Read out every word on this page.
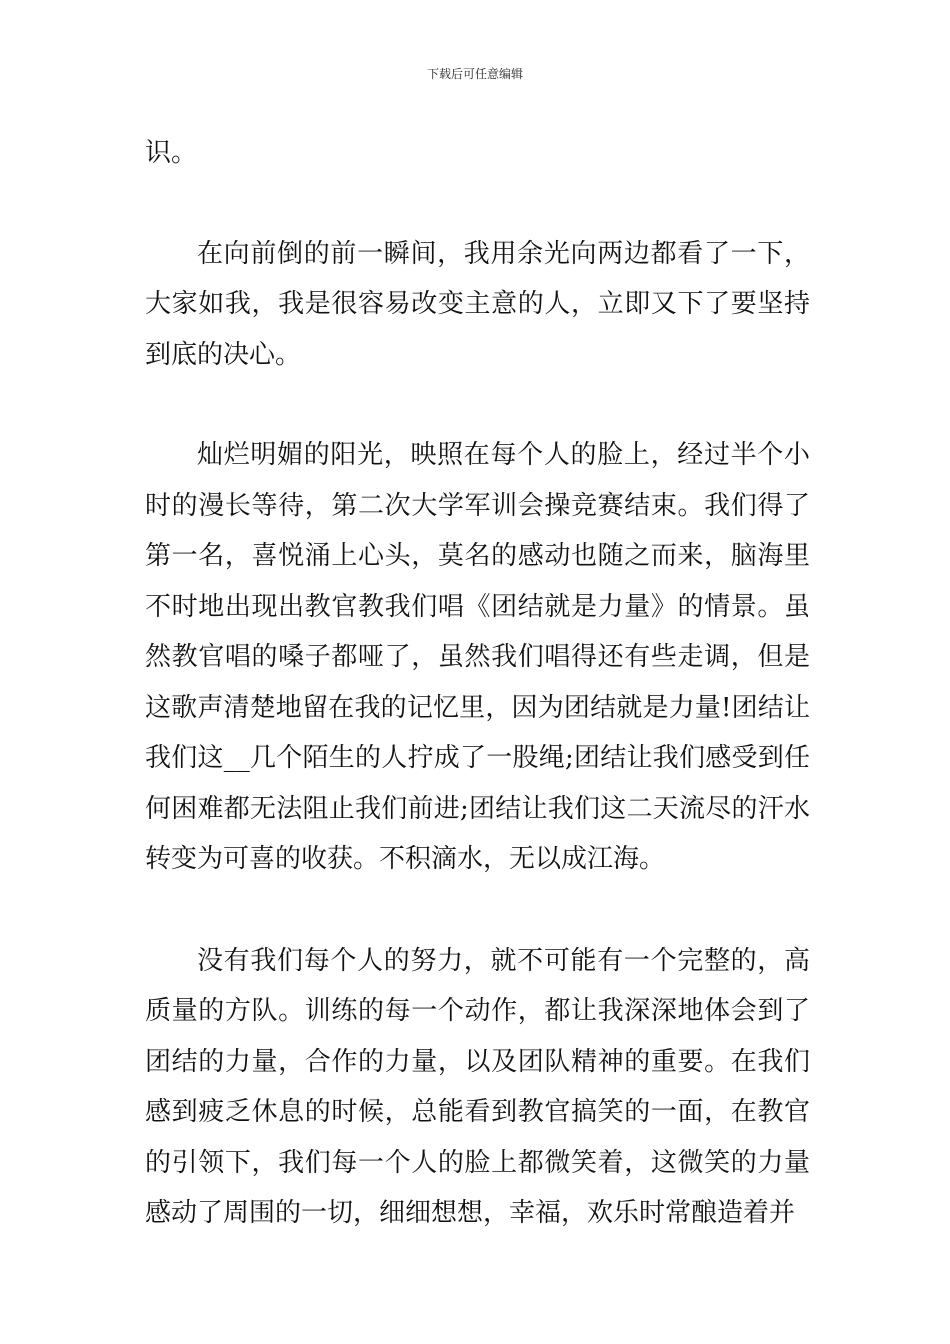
下载后可任意编辑

识。

在向前倒的前一瞬间，我用余光向两边都看了一下，大家如我，我是很容易改变主意的人，立即又下了要坚持到底的决心。

灿烂明媚的阳光，映照在每个人的脸上，经过半个小时的漫长等待，第二次大学军训会操竞赛结束。我们得了第一名，喜悦涌上心头，莫名的感动也随之而来，脑海里不时地出现出教官教我们唱《团结就是力量》的情景。虽然教官唱的嗓子都哑了，虽然我们唱得还有些走调，但是这歌声清楚地留在我的记忆里，因为团结就是力量!团结让我们这__几个陌生的人拧成了一股绳;团结让我们感受到任何困难都无法阻止我们前进;团结让我们这二天流尽的汗水转变为可喜的收获。不积滴水，无以成江海。

没有我们每个人的努力，就不可能有一个完整的，高质量的方队。训练的每一个动作，都让我深深地体会到了团结的力量，合作的力量，以及团队精神的重要。在我们感到疲乏休息的时候，总能看到教官搞笑的一面，在教官的引领下，我们每一个人的脸上都微笑着，这微笑的力量感动了周围的一切，细细想想，幸福，欢乐时常酿造着并
